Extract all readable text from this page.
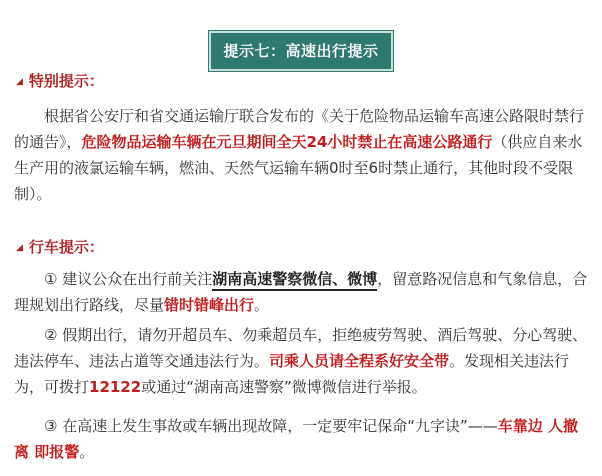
提示七：高速出行提示
◢ 特别提示：
根据省公安厅和省交通运输厅联合发布的《关于危险物品运输车高速公路限时禁行的通告》，危险物品运输车辆在元旦期间全天24小时禁止在高速公路通行（供应自来水生产用的液氯运输车辆，燃油、天然气运输车辆0时至6时禁止通行，其他时段不受限制）。
◢ 行车提示：
① 建议公众在出行前关注湖南高速警察微信、微博，留意路况信息和气象信息，合理规划出行路线，尽量错时错峰出行。
② 假期出行，请勿开超员车、勿乘超员车，拒绝疲劳驾驶、酒后驾驶、分心驾驶、违法停车、违法占道等交通违法行为。司乘人员请全程系好安全带。发现相关违法行为，可拨打12122或通过“湖南高速警察”微博微信进行举报。
③ 在高速上发生事故或车辆出现故障，一定要牢记保命“九字诀”——车靠边 人撤离 即报警。
